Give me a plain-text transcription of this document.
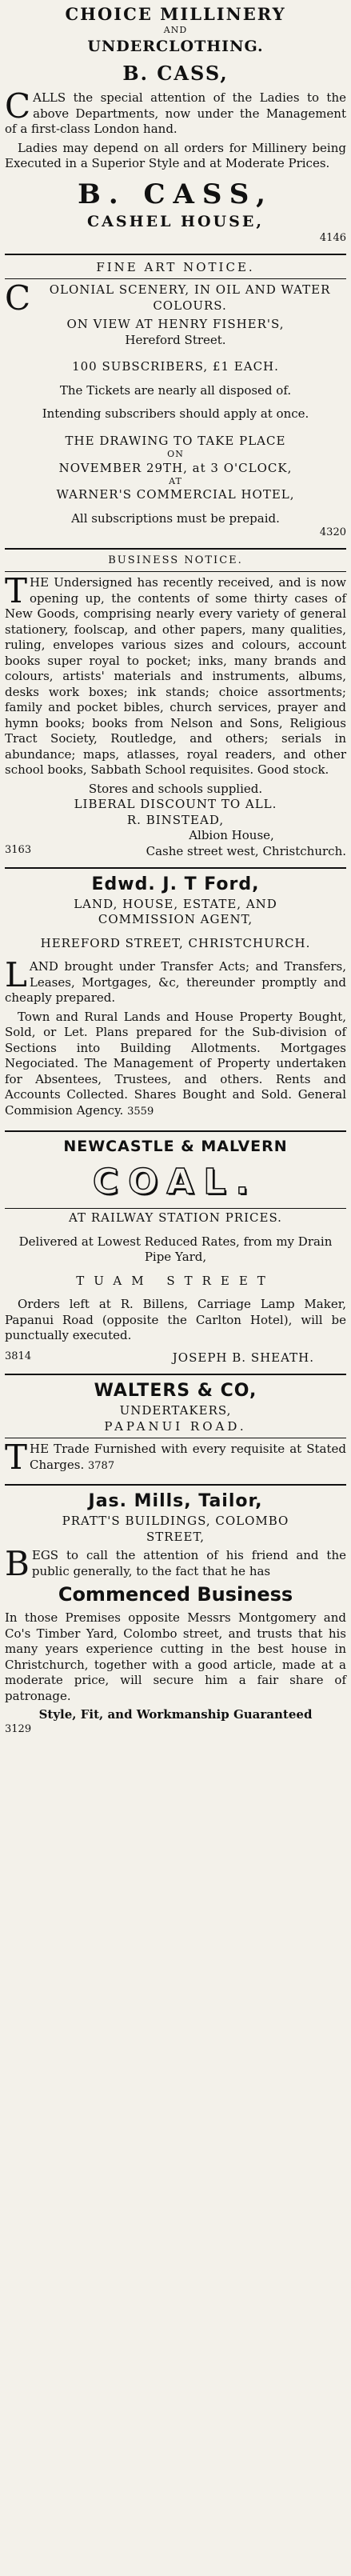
CHOICE MILLINERY
AND
UNDERCLOTHING.
B. CASS,

CALLS the special attention of the Ladies to the above Departments, now under the Management of a first-class London hand.

Ladies may depend on all orders for Millinery being Executed in a Superior Style and at Moderate Prices.

B. CASS,
CASHEL HOUSE,
4146
FINE ART NOTICE.

C OLONIAL SCENERY, IN OIL AND WATER COLOURS.

ON VIEW AT HENRY FISHER'S,
Hereford Street.
100 SUBSCRIBERS, £1 EACH.
The Tickets are nearly all disposed of.
Intending subscribers should apply at once.
THE DRAWING TO TAKE PLACE
ON
NOVEMBER 29TH, at 3 O'CLOCK,
AT
WARNER'S COMMERCIAL HOTEL,
All subscriptions must be prepaid.
4320
BUSINESS NOTICE.

THE Undersigned has recently received, and is now opening up, the contents of some thirty cases of New Goods, comprising nearly every variety of general stationery, foolscap, and other papers, many qualities, ruling, envelopes various sizes and colours, account books super royal to pocket; inks, many brands and colours, artists' materials and instruments, albums, desks work boxes; ink stands; choice assortments; family and pocket bibles, church services, prayer and hymn books; books from Nelson and Sons, Religious Tract Society, Routledge, and others; serials in abundance; maps, atlasses, royal readers, and other school books, Sabbath School requisites. Good stock.

Stores and schools supplied.
LIBERAL DISCOUNT TO ALL.
R. BINSTEAD,
Albion House,
3163	Cashe street west, Christchurch.
Edwd. J. T Ford,
LAND, HOUSE, ESTATE, AND
COMMISSION AGENT,
HEREFORD STREET, CHRISTCHURCH.

LAND brought under Transfer Acts; and Transfers, Leases, Mortgages, &c, thereunder promptly and cheaply prepared.

Town and Rural Lands and House Property Bought, Sold, or Let. Plans prepared for the Sub-division of Sections into Building Allotments. Mortgages Negociated. The Management of Property undertaken for Absentees, Trustees, and others. Rents and Accounts Collected. Shares Bought and Sold. General Commision Agency. 3559

NEWCASTLE & MALVERN
COAL.
AT RAILWAY STATION PRICES.

Delivered at Lowest Reduced Rates, from my Drain Pipe Yard,

TUAM STREET

Orders left at R. Billens, Carriage Lamp Maker, Papanui Road (opposite the Carlton Hotel), will be punctually executed.

3814	JOSEPH B. SHEATH.
WALTERS & CO,
UNDERTAKERS,
PAPANUI ROAD.

THE Trade Furnished with every requisite at Stated Charges. 3787

Jas. Mills, Tailor,
PRATT'S BUILDINGS, COLOMBO
STREET,

BEGS to call the attention of his friend and the public generally, to the fact that he has

Commenced Business

In those Premises opposite Messrs Montgomery and Co's Timber Yard, Colombo street, and trusts that his many years experience cutting in the best house in Christchurch, together with a good article, made at a moderate price, will secure him a fair share of patronage.

Style, Fit, and Workmanship Guaranteed
3129
